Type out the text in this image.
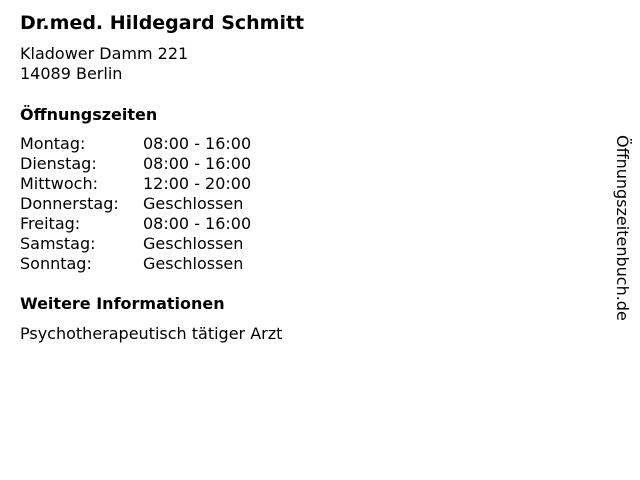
Dr.med. Hildegard Schmitt
Kladower Damm 221
14089 Berlin
Öffnungszeiten
Montag:	08:00 - 16:00
Dienstag:	08:00 - 16:00
Mittwoch:	12:00 - 20:00
Donnerstag:	Geschlossen
Freitag:	08:00 - 16:00
Samstag:	Geschlossen
Sonntag:	Geschlossen
Weitere Informationen
Psychotherapeutisch tätiger Arzt
Öffnungszeitenbuch.de
